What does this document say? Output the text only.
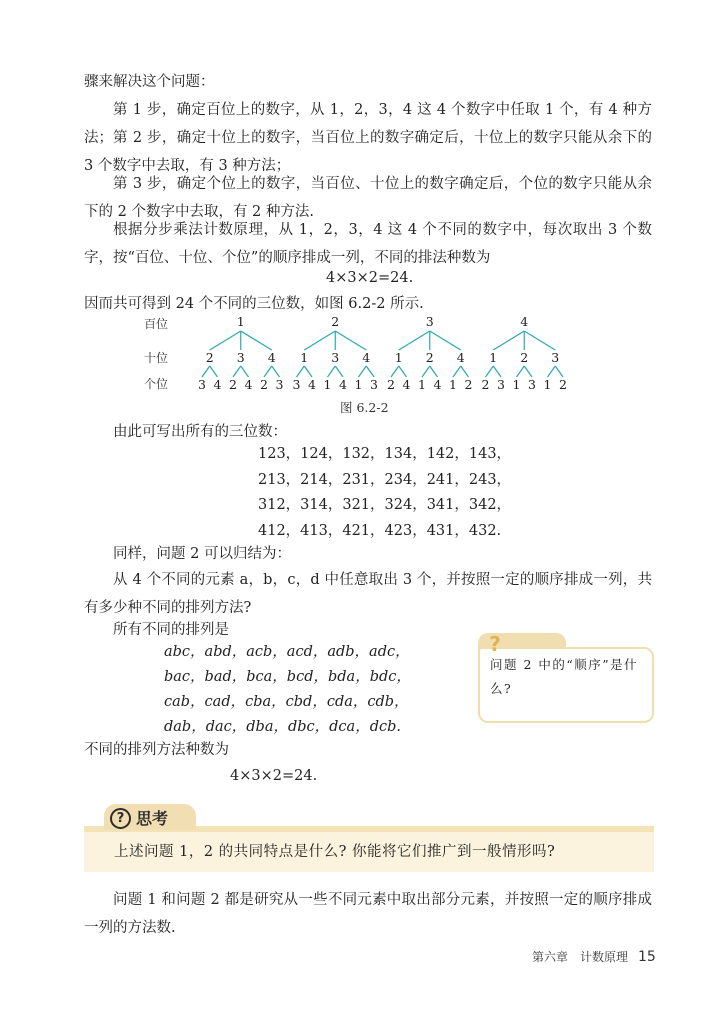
骤来解决这个问题：

第 1 步，确定百位上的数字，从 1，2，3，4 这 4 个数字中任取 1 个，有 4 种方法； 第 2 步，确定十位上的数字，当百位上的数字确定后，十位上的数字只能从余下的 3 个数字中去取，有 3 种方法；

第 3 步，确定个位上的数字，当百位、十位上的数字确定后，个位的数字只能从余下的 2 个数字中去取，有 2 种方法.

根据分步乘法计数原理，从 1，2，3，4 这 4 个不同的数字中，每次取出 3 个数字，按“百位、十位、个位”的顺序排成一列，不同的排法种数为

4×3×2=24.

因而共可得到 24 个不同的三位数，如图 6.2-2 所示.

百位
十位
个位
1
2
3 4
3
2 4
4
2 3
2
1
3 4
3
1 4
4
1 3
3
1
2 4
2
1 4
4
1 2
4
1
2 3
2
1 3
3
1 2
图 6.2-2

由此可写出所有的三位数：

123，124，132，134，142，143，
213，214，231，234，241，243，
312，314，321，324，341，342，
412，413，421，423，431，432.

同样，问题 2 可以归结为：

从 4 个不同的元素 a，b，c，d 中任意取出 3 个，并按照一定的顺序排成一列，共有多少种不同的排列方法?

所有不同的排列是

abc，abd，acb，acd，adb，adc，
bac，bad，bca，bcd，bda，bdc，
cab，cad，cba，cbd，cda，cdb，
dab，dac，dba，dbc，dca，dcb.
?
问题 2 中的“顺序”是什么?

不同的排列方法种数为

4×3×2=24.
? 思考
上述问题 1，2 的共同特点是什么? 你能将它们推广到一般情形吗?

问题 1 和问题 2 都是研究从一些不同元素中取出部分元素，并按照一定的顺序排成一列的方法数.

第六章　计数原理 15
